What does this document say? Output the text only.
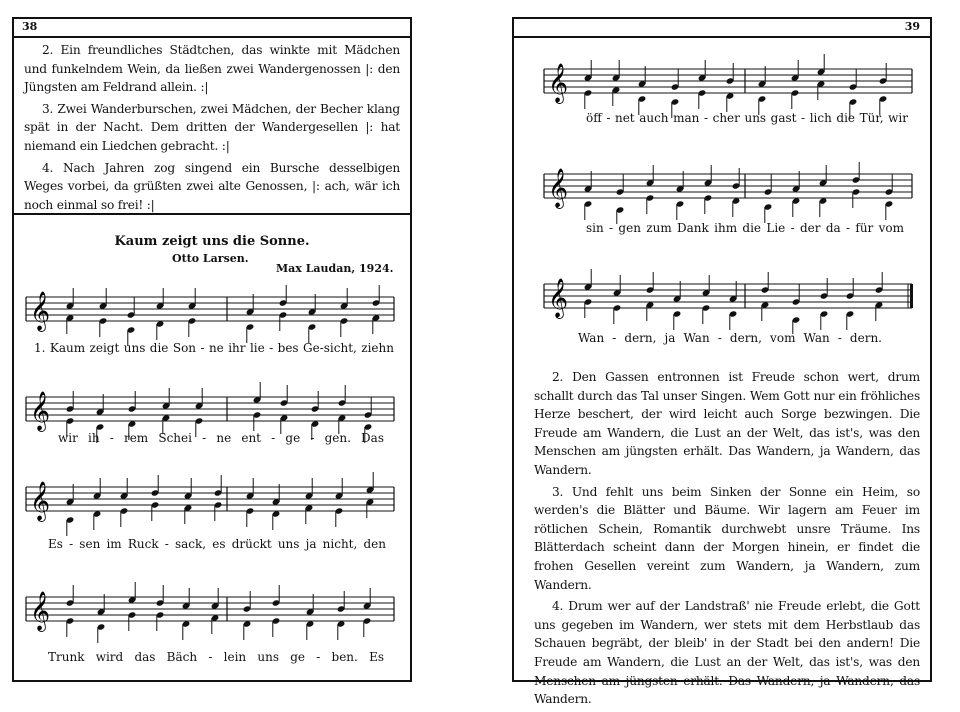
38

2. Ein freundliches Städtchen, das winkte mit Mädchen und funkelndem Wein, da ließen zwei Wandergenossen |: den Jüngsten am Feldrand allein. :|

3. Zwei Wanderburschen, zwei Mädchen, der Becher klang spät in der Nacht. Dem dritten der Wandergesellen |: hat niemand ein Liedchen gebracht. :|

4. Nach Jahren zog singend ein Bursche desselbigen Weges vorbei, da grüßten zwei alte Genossen, |: ach, wär ich noch einmal so frei! :|

Kaum zeigt uns die Sonne.
Otto Larsen.
Max Laudan, 1924.
𝄞
1. Kaum zeigt uns die Son - ne ihr lie - bes Ge-sicht, ziehn
𝄞
wir ih - rem Schei - ne ent - ge - gen. Das
𝄞
Es - sen im Ruck - sack, es drückt uns ja nicht, den
𝄞
Trunk wird das Bäch - lein uns ge - ben. Es
39
𝄞
öff - net auch man - cher uns gast - lich die Tür, wir
𝄞
sin - gen zum Dank ihm die Lie - der da - für vom
𝄞
Wan - dern, ja Wan - dern, vom Wan - dern.

2. Den Gassen entronnen ist Freude schon wert, drum schallt durch das Tal unser Singen. Wem Gott nur ein fröhliches Herze beschert, der wird leicht auch Sorge bezwingen. Die Freude am Wandern, die Lust an der Welt, das ist's, was den Menschen am jüngsten erhält. Das Wandern, ja Wandern, das Wandern.

3. Und fehlt uns beim Sinken der Sonne ein Heim, so werden's die Blätter und Bäume. Wir lagern am Feuer im rötlichen Schein, Romantik durchwebt unsre Träume. Ins Blätterdach scheint dann der Morgen hinein, er findet die frohen Gesellen vereint zum Wandern, ja Wandern, zum Wandern.

4. Drum wer auf der Landstraß' nie Freude erlebt, die Gott uns gegeben im Wandern, wer stets mit dem Herbstlaub das Schauen begräbt, der bleib' in der Stadt bei den andern! Die Freude am Wandern, die Lust an der Welt, das ist's, was den Menschen am jüngsten erhält. Das Wandern, ja Wandern, das Wandern.
